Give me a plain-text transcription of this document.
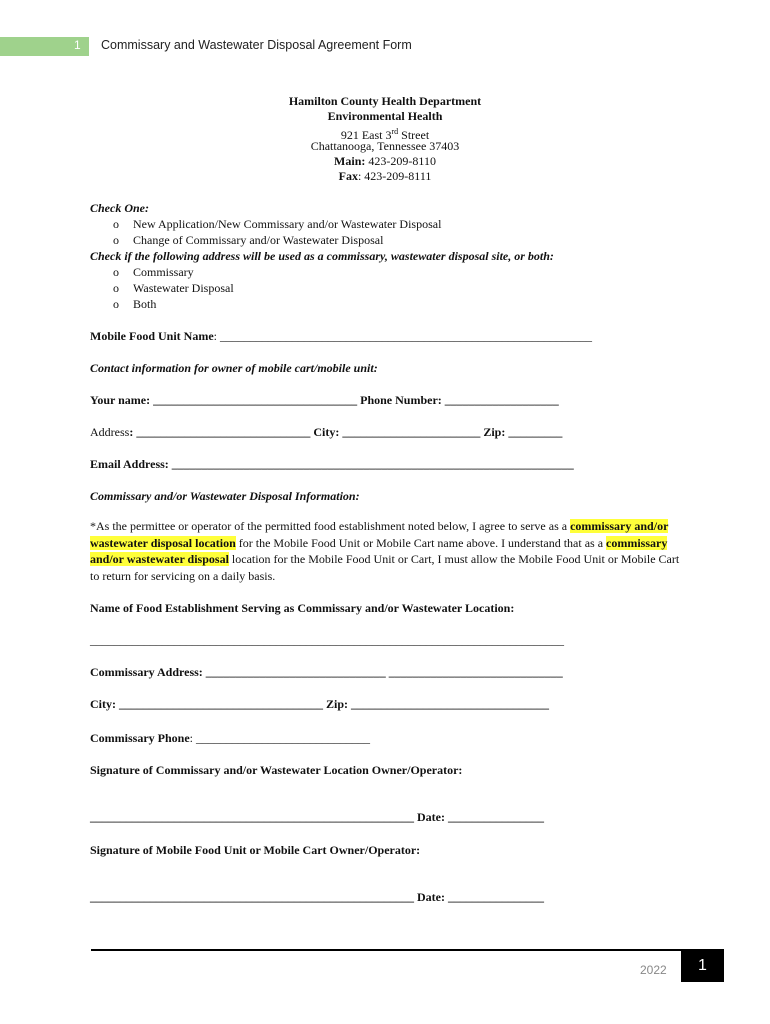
1 Commissary and Wastewater Disposal Agreement Form
Hamilton County Health Department
Environmental Health
921 East 3rd Street
Chattanooga, Tennessee 37403
Main: 423-209-8110
Fax: 423-209-8111
Check One:
o New Application/New Commissary and/or Wastewater Disposal
o Change of Commissary and/or Wastewater Disposal
Check if the following address will be used as a commissary, wastewater disposal site, or both:
o Commissary
o Wastewater Disposal
o Both
Mobile Food Unit Name: ______________________________________________________________
Contact information for owner of mobile cart/mobile unit:
Your name: __________________________________ Phone Number: ___________________
Address: _____________________________ City: _______________________ Zip: _________
Email Address: ___________________________________________________________________
Commissary and/or Wastewater Disposal Information:
*As the permittee or operator of the permitted food establishment noted below, I agree to serve as a commissary and/or wastewater disposal location for the Mobile Food Unit or Mobile Cart name above. I understand that as a commissary and/or wastewater disposal location for the Mobile Food Unit or Cart, I must allow the Mobile Food Unit or Mobile Cart to return for servicing on a daily basis.
Name of Food Establishment Serving as Commissary and/or Wastewater Location:
_______________________________________________________________________________
Commissary Address: ______________________________ _____________________________
City: __________________________________ Zip: _________________________________
Commissary Phone: _____________________________
Signature of Commissary and/or Wastewater Location Owner/Operator:
______________________________________________________ Date: ________________
Signature of Mobile Food Unit or Mobile Cart Owner/Operator:
______________________________________________________ Date: ________________
2022	1
